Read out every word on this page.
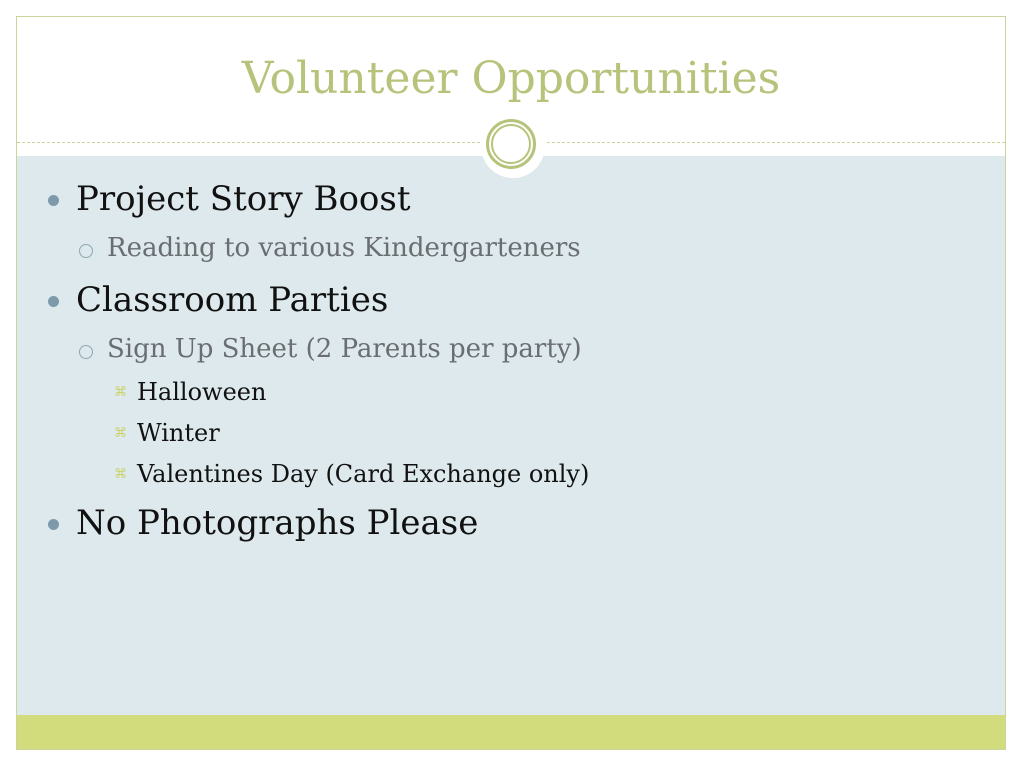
Volunteer Opportunities
Project Story Boost
Reading to various Kindergarteners
Classroom Parties
Sign Up Sheet (2 Parents per party)
⌘ Halloween
⌘ Winter
⌘ Valentines Day (Card Exchange only)
No Photographs Please
